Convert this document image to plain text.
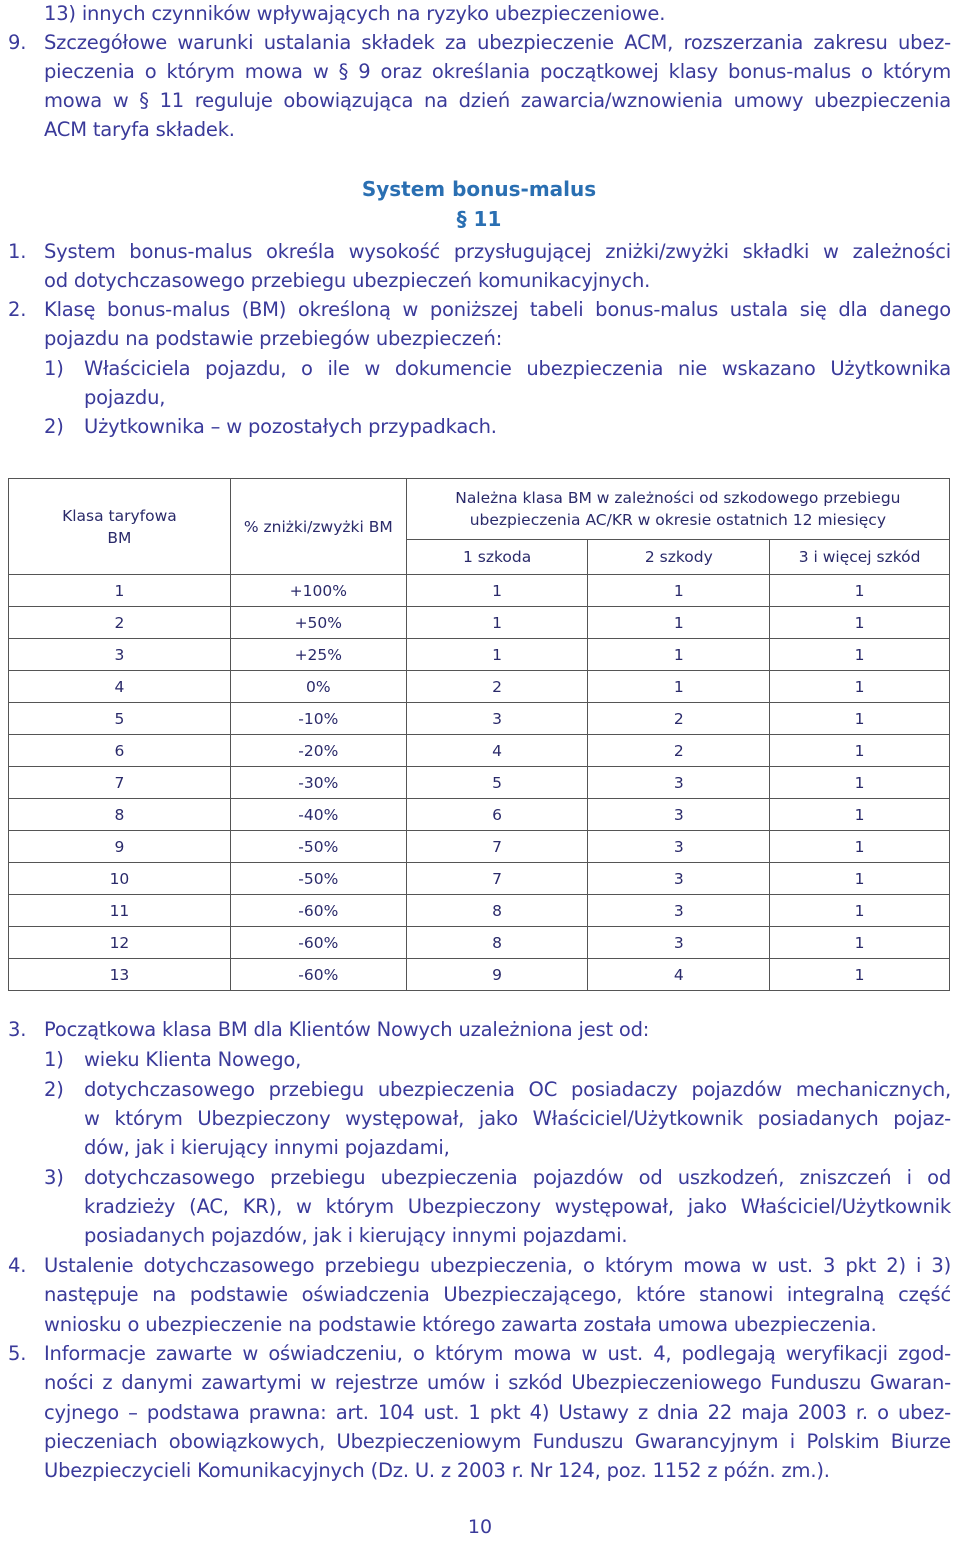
13) innych czynników wpływających na ryzyko ubezpieczeniowe.
9. Szczegółowe warunki ustalania składek za ubezpieczenie ACM, rozszerzania zakresu ubez-
pieczenia o którym mowa w § 9 oraz określania początkowej klasy bonus-malus o którym
mowa w § 11 reguluje obowiązująca na dzień zawarcia/wznowienia umowy ubezpieczenia
ACM taryfa składek.
System bonus-malus
§ 11
1. System bonus-malus określa wysokość przysługującej zniżki/zwyżki składki w zależności
od dotychczasowego przebiegu ubezpieczeń komunikacyjnych.
2. Klasę bonus-malus (BM) określoną w poniższej tabeli bonus-malus ustala się dla danego
pojazdu na podstawie przebiegów ubezpieczeń:
1) Właściciela pojazdu, o ile w dokumencie ubezpieczenia nie wskazano Użytkownika
pojazdu,
2) Użytkownika – w pozostałych przypadkach.
Klasa taryfowa BM	% zniżki/zwyżki BM	Należna klasa BM w zależności od szkodowego przebiegu ubezpieczenia AC/KR w okresie ostatnich 12 miesięcy		
		1 szkoda	2 szkody	3 i więcej szkód
1	+100%	1	1	1
2	+50%	1	1	1
3	+25%	1	1	1
4	0%	2	1	1
5	-10%	3	2	1
6	-20%	4	2	1
7	-30%	5	3	1
8	-40%	6	3	1
9	-50%	7	3	1
10	-50%	7	3	1
11	-60%	8	3	1
12	-60%	8	3	1
13	-60%	9	4	1
3. Początkowa klasa BM dla Klientów Nowych uzależniona jest od:
1) wieku Klienta Nowego,
2) dotychczasowego przebiegu ubezpieczenia OC posiadaczy pojazdów mechanicznych,
w którym Ubezpieczony występował, jako Właściciel/Użytkownik posiadanych pojaz-
dów, jak i kierujący innymi pojazdami,
3) dotychczasowego przebiegu ubezpieczenia pojazdów od uszkodzeń, zniszczeń i od
kradzieży (AC, KR), w którym Ubezpieczony występował, jako Właściciel/Użytkownik
posiadanych pojazdów, jak i kierujący innymi pojazdami.
4. Ustalenie dotychczasowego przebiegu ubezpieczenia, o którym mowa w ust. 3 pkt 2) i 3)
następuje na podstawie oświadczenia Ubezpieczającego, które stanowi integralną część
wniosku o ubezpieczenie na podstawie którego zawarta została umowa ubezpieczenia.
5. Informacje zawarte w oświadczeniu, o którym mowa w ust. 4, podlegają weryfikacji zgod-
ności z danymi zawartymi w rejestrze umów i szkód Ubezpieczeniowego Funduszu Gwaran-
cyjnego – podstawa prawna: art. 104 ust. 1 pkt 4) Ustawy z dnia 22 maja 2003 r. o ubez-
pieczeniach obowiązkowych, Ubezpieczeniowym Funduszu Gwarancyjnym i Polskim Biurze
Ubezpieczycieli Komunikacyjnych (Dz. U. z 2003 r. Nr 124, poz. 1152 z późn. zm.).
10
